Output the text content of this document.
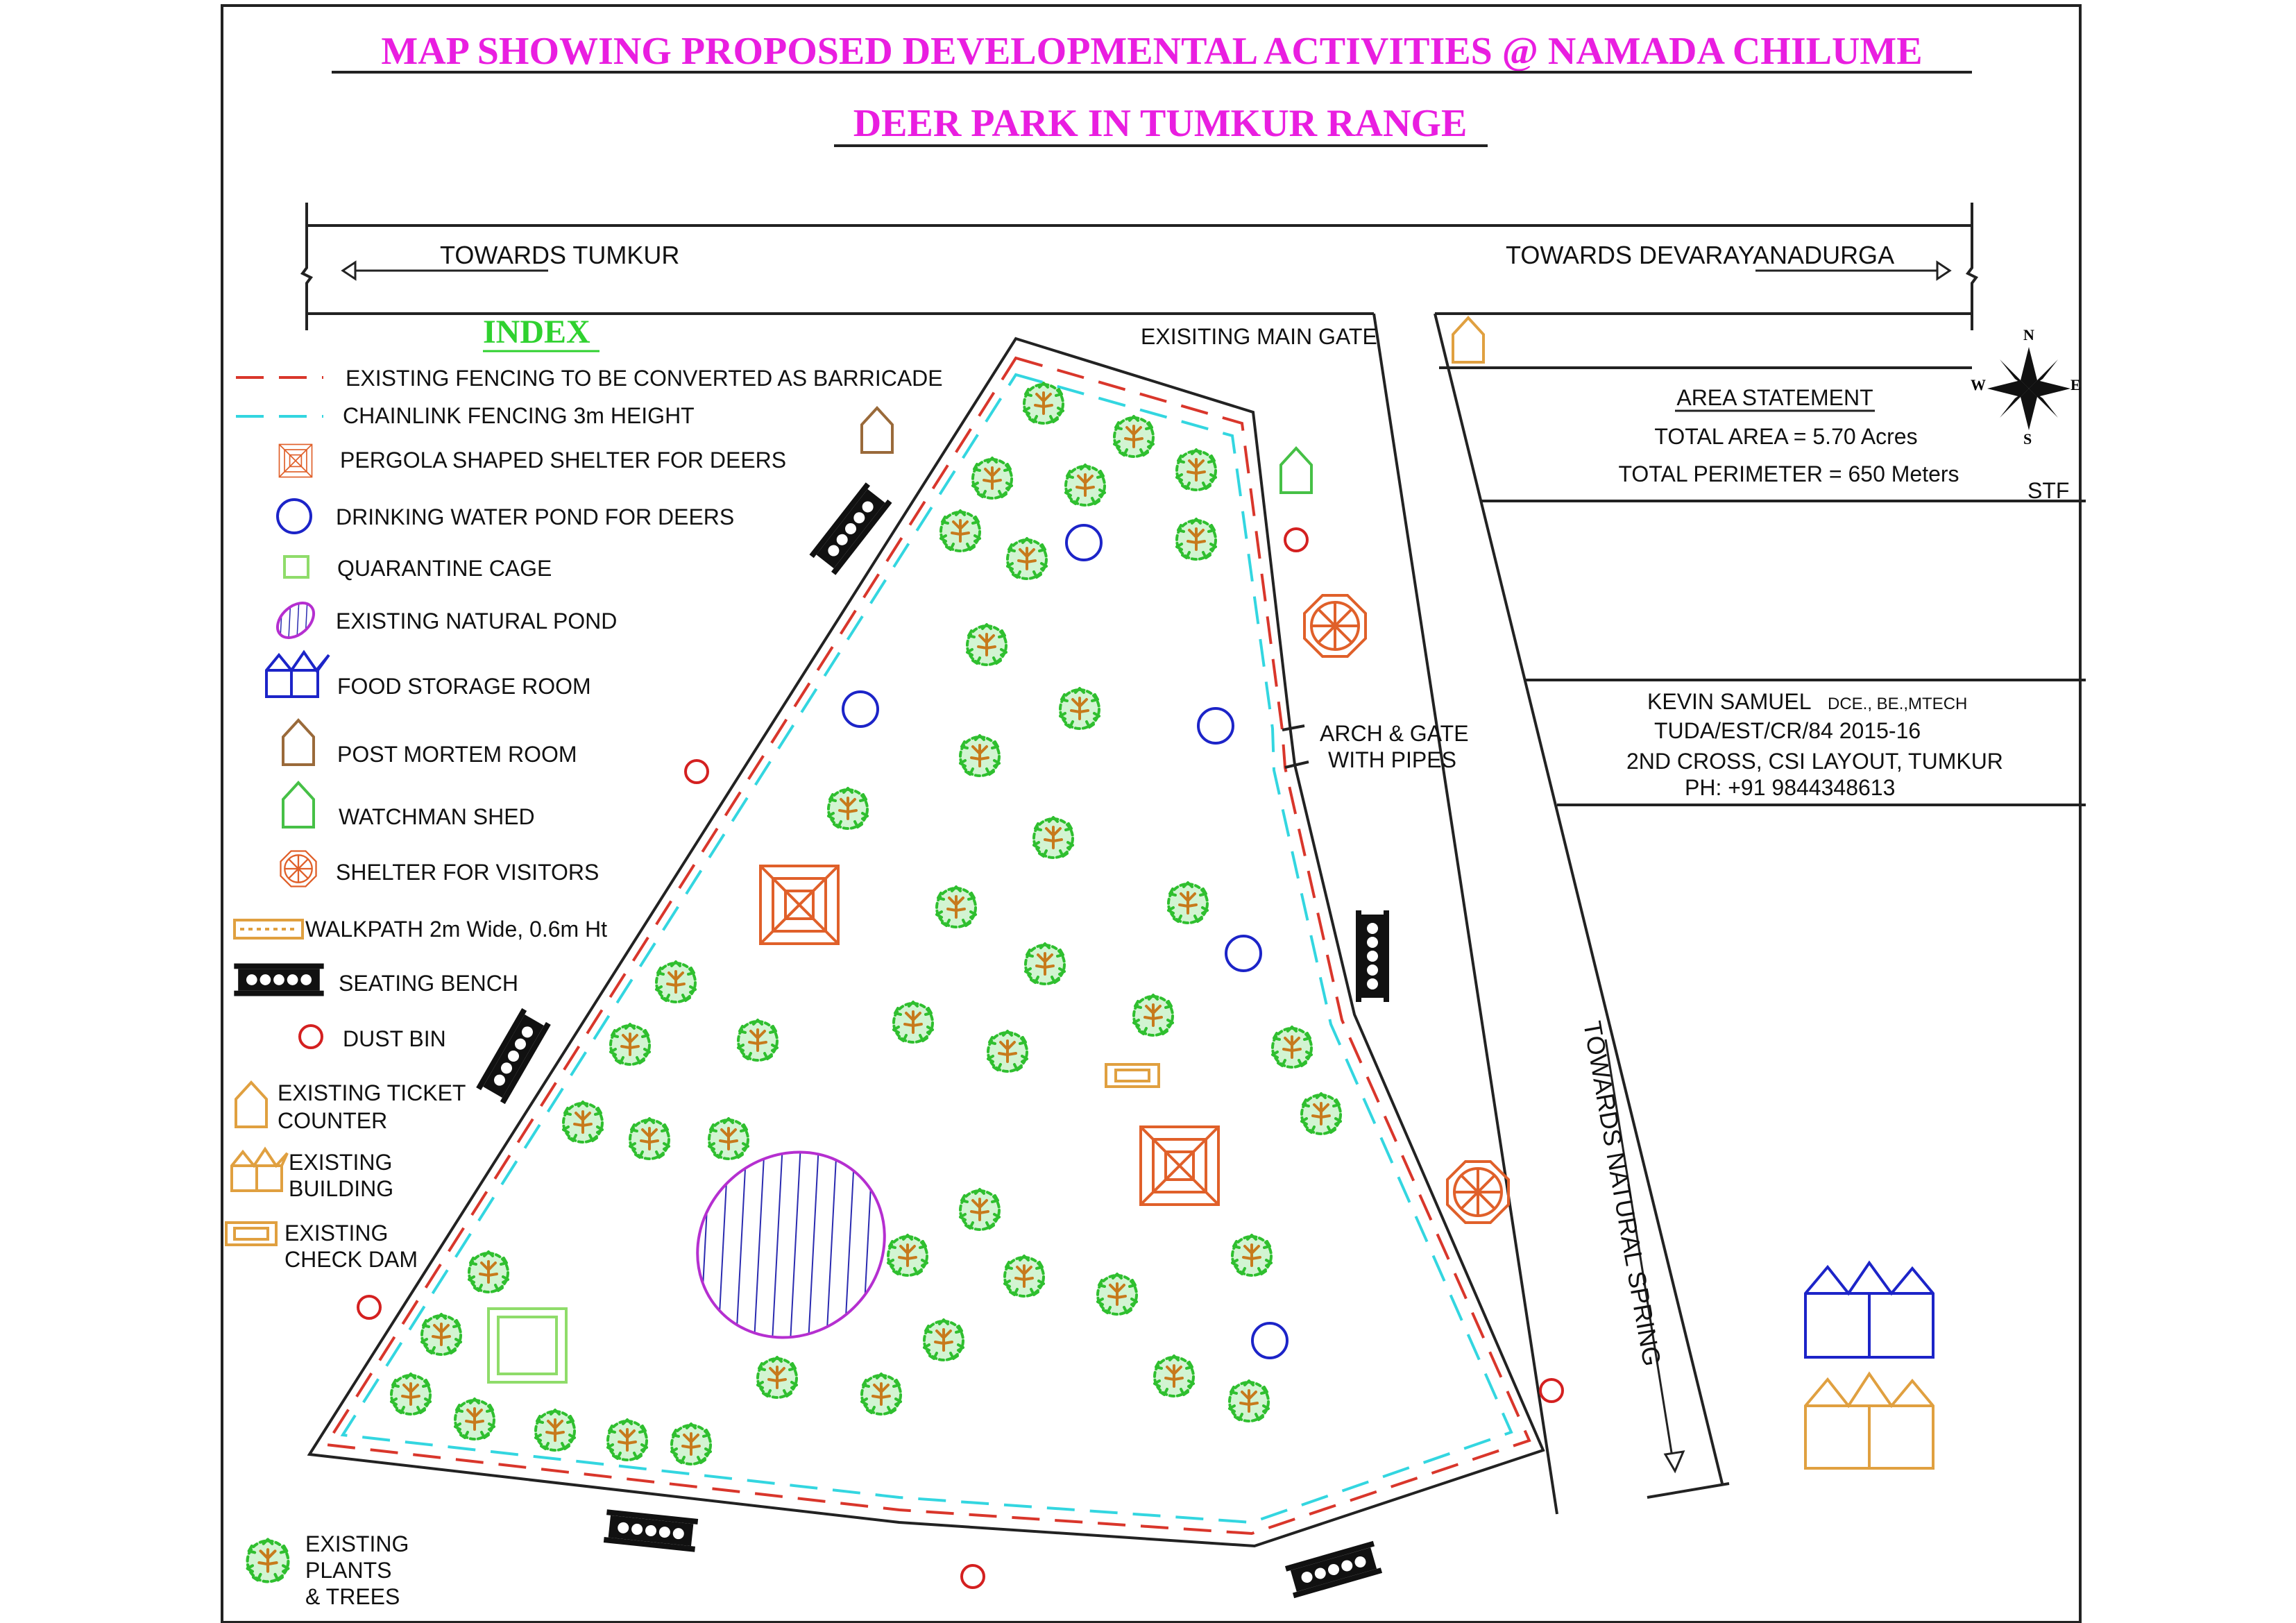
MAP SHOWING PROPOSED DEVELOPMENTAL ACTIVITIES @ NAMADA CHILUME
DEER PARK IN TUMKUR RANGE
TOWARDS TUMKUR	TOWARDS DEVARAYANADURGA
TOWARDS NATURAL SPRING
EXISITING MAIN GATE
ARCH & GATE
WITH PIPES
N
S
E
W
AREA STATEMENT
TOTAL AREA = 5.70 Acres
TOTAL PERIMETER = 650 Meters
STF
KEVIN SAMUEL DCE., BE.,MTECH
TUDA/EST/CR/84 2015-16
2ND CROSS, CSI LAYOUT, TUMKUR
PH: +91 9844348613
INDEX
EXISTING FENCING TO BE CONVERTED AS BARRICADE
CHAINLINK FENCING 3m HEIGHT
PERGOLA SHAPED SHELTER FOR DEERS
DRINKING WATER POND FOR DEERS
QUARANTINE CAGE
EXISTING NATURAL POND
FOOD STORAGE ROOM
POST MORTEM ROOM
WATCHMAN SHED
SHELTER FOR VISITORS
WALKPATH 2m Wide, 0.6m Ht
SEATING BENCH
DUST BIN
EXISTING TICKET
COUNTER
EXISTING
BUILDING
EXISTING
CHECK DAM
EXISTING
PLANTS
& TREES
